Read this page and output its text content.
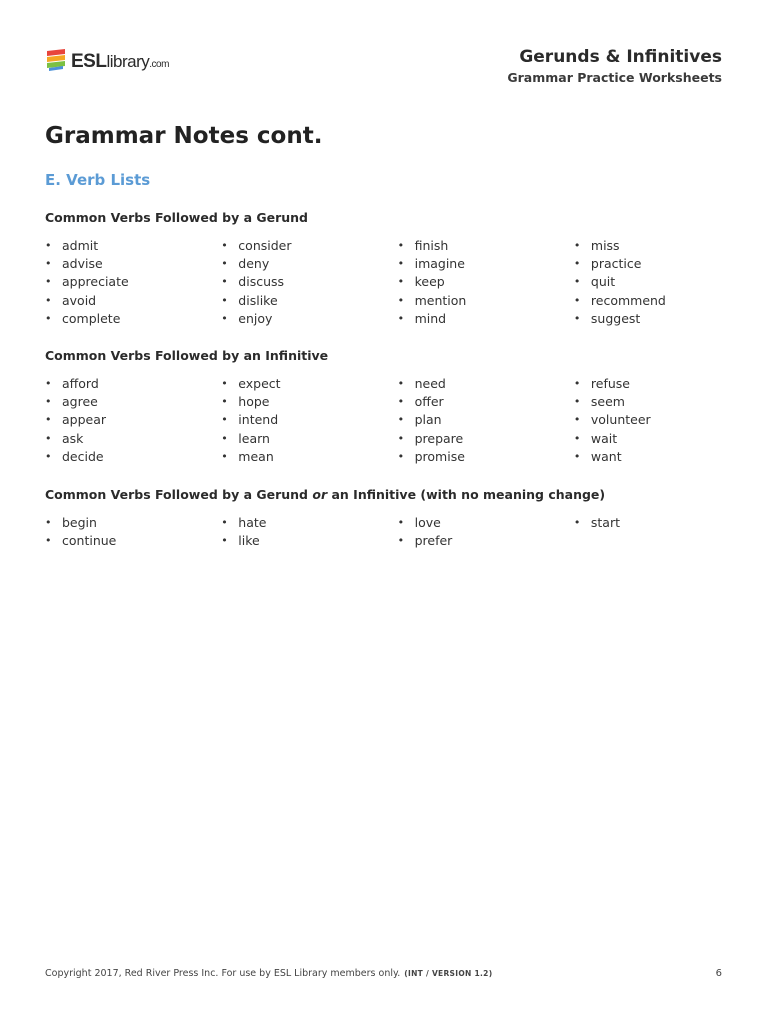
ESLlibrary.com	Gerunds & Infinitives
Grammar Practice Worksheets
Grammar Notes cont.
E. Verb Lists
Common Verbs Followed by a Gerund
• admit
• advise
• appreciate
• avoid
• complete
• consider
• deny
• discuss
• dislike
• enjoy
• finish
• imagine
• keep
• mention
• mind
• miss
• practice
• quit
• recommend
• suggest
Common Verbs Followed by an Infinitive
• afford
• agree
• appear
• ask
• decide
• expect
• hope
• intend
• learn
• mean
• need
• offer
• plan
• prepare
• promise
• refuse
• seem
• volunteer
• wait
• want
Common Verbs Followed by a Gerund or an Infinitive (with no meaning change)
• begin
• continue
• hate
• like
• love
• prefer
• start
Copyright 2017, Red River Press Inc. For use by ESL Library members only. (INT / VERSION 1.2)	6
